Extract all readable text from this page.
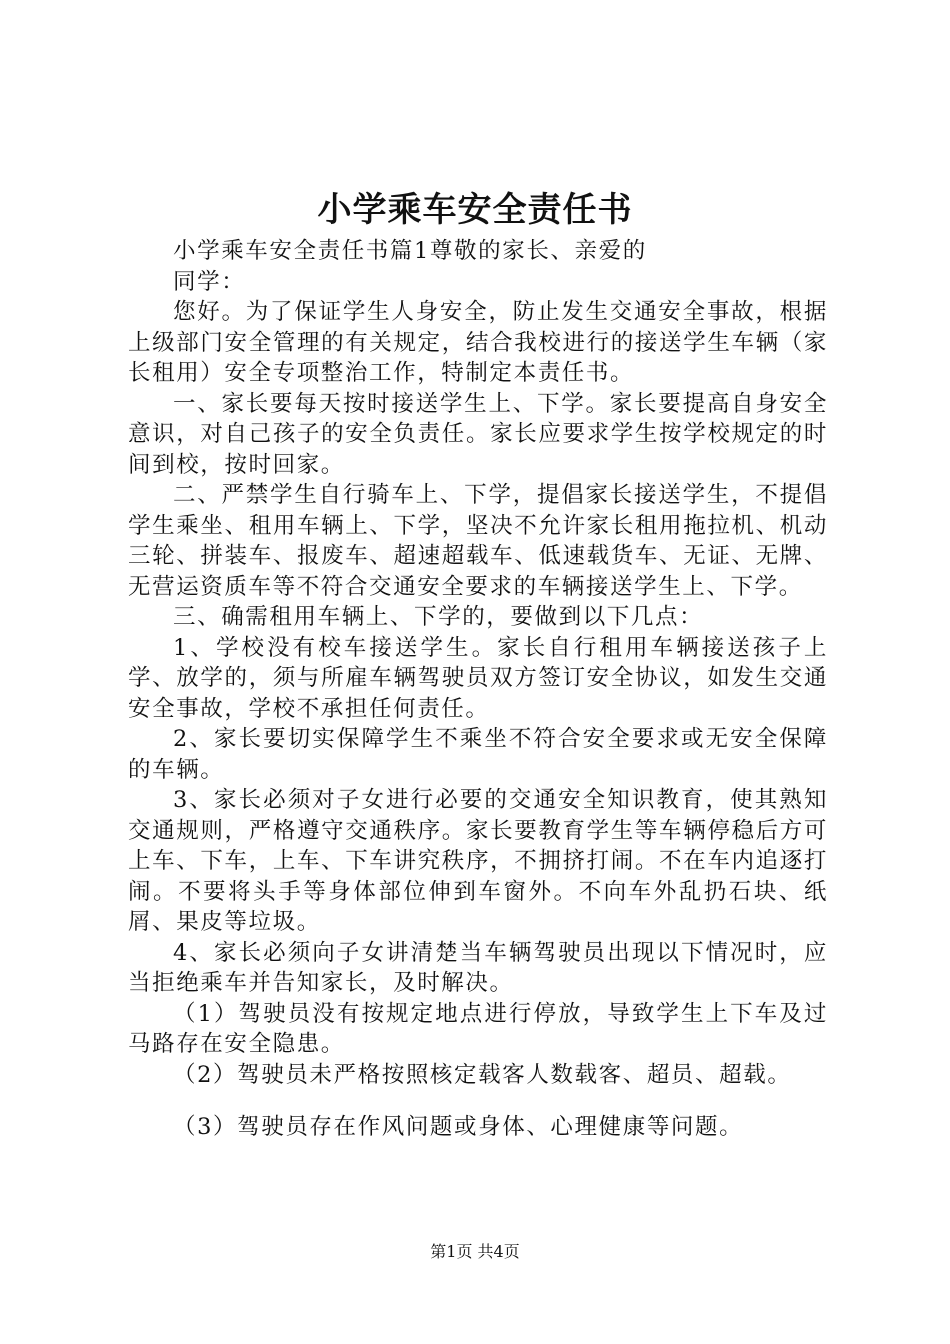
小学乘车安全责任书

小学乘车安全责任书篇1尊敬的家长、亲爱的

同学：

您好。为了保证学生人身安全，防止发生交通安全事故，根据上级部门安全管理的有关规定，结合我校进行的接送学生车辆（家长租用）安全专项整治工作，特制定本责任书。

一、家长要每天按时接送学生上、下学。家长要提高自身安全意识，对自己孩子的安全负责任。家长应要求学生按学校规定的时间到校，按时回家。

二、严禁学生自行骑车上、下学，提倡家长接送学生，不提倡学生乘坐、租用车辆上、下学，坚决不允许家长租用拖拉机、机动三轮、拼装车、报废车、超速超载车、低速载货车、无证、无牌、无营运资质车等不符合交通安全要求的车辆接送学生上、下学。

三、确需租用车辆上、下学的，要做到以下几点：

1、学校没有校车接送学生。家长自行租用车辆接送孩子上学、放学的，须与所雇车辆驾驶员双方签订安全协议，如发生交通安全事故，学校不承担任何责任。

2、家长要切实保障学生不乘坐不符合安全要求或无安全保障的车辆。

3、家长必须对子女进行必要的交通安全知识教育，使其熟知交通规则，严格遵守交通秩序。家长要教育学生等车辆停稳后方可上车、下车，上车、下车讲究秩序，不拥挤打闹。不在车内追逐打闹。不要将头手等身体部位伸到车窗外。不向车外乱扔石块、纸屑、果皮等垃圾。

4、家长必须向子女讲清楚当车辆驾驶员出现以下情况时，应当拒绝乘车并告知家长，及时解决。

（1）驾驶员没有按规定地点进行停放，导致学生上下车及过马路存在安全隐患。

（2）驾驶员未严格按照核定载客人数载客、超员、超载。

（3）驾驶员存在作风问题或身体、心理健康等问题。

第1页 共4页
